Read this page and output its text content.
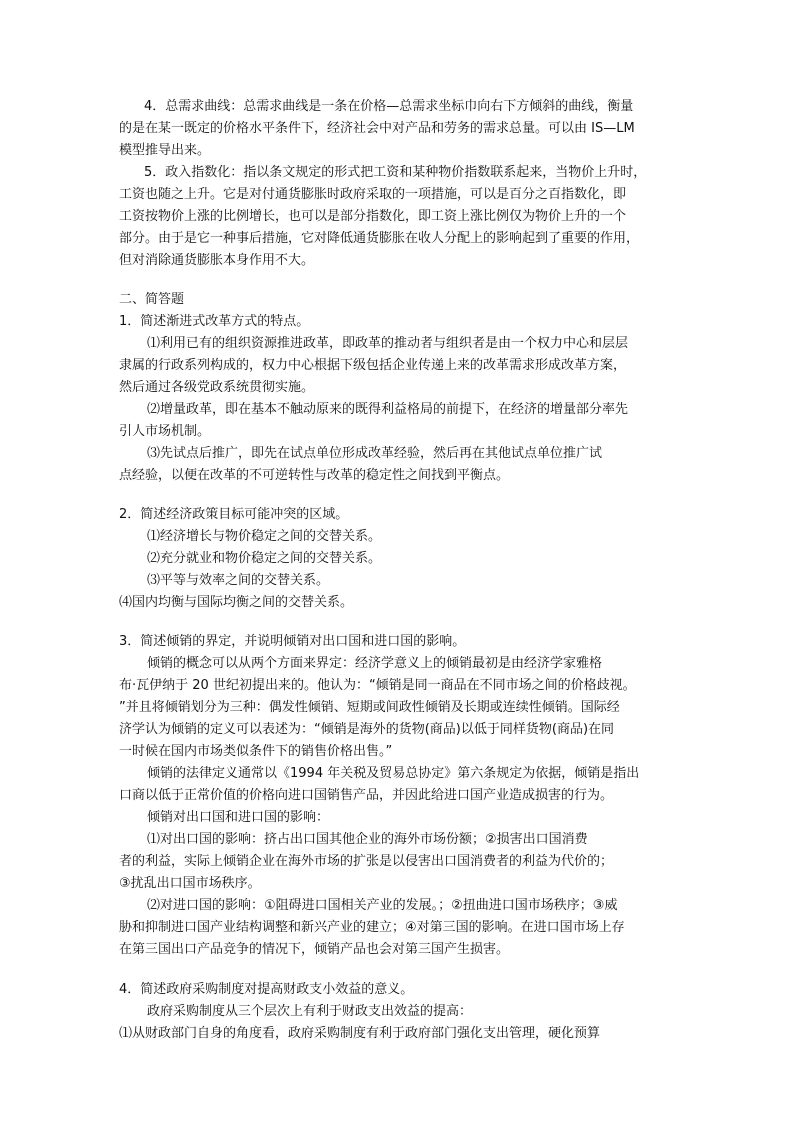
4．总需求曲线：总需求曲线是一条在价格—总需求坐标巾向右下方倾斜的曲线，衡量
的是在某一既定的价格水平条件下，经济社会中对产品和劳务的需求总量。可以由 IS—LM
模型推导出来。
5．政入指数化：指以条文规定的形式把工资和某种物价指数联系起来，当物价上升时，
工资也随之上升。它是对付通货膨胀时政府采取的一项措施，可以是百分之百指数化，即
工资按物价上涨的比例增长，也可以是部分指数化，即工资上涨比例仅为物价上升的一个
部分。由于是它一种事后措施，它对降低通货膨胀在收人分配上的影响起到了重要的作用，
但对消除通货膨胀本身作用不大。
二、简答题
1．简述渐进式改革方式的特点。
⑴利用已有的组织资源推进政革，即政革的推动者与组织者是由一个权力中心和层层
隶属的行政系列构成的，权力中心根据下级包括企业传递上来的改革需求形成改革方案，
然后通过各级党政系统贯彻实施。
⑵增量政革，即在基本不触动原来的既得利益格局的前提下，在经济的增量部分率先
引人市场机制。
⑶先试点后推广，即先在试点单位形成改革经验，然后再在其他试点单位推广试
点经验，以便在改革的不可逆转性与改革的稳定性之间找到平衡点。
2．简述经济政策目标可能冲突的区域。
⑴经济增长与物价稳定之间的交替关系。
⑵充分就业和物价稳定之间的交替关系。
⑶平等与效率之间的交替关系。
⑷国内均衡与国际均衡之间的交替关系。
3．简述倾销的界定，并说明倾销对出口国和进口国的影响。
倾销的概念可以从两个方面来界定：经济学意义上的倾销最初是由经济学家雅格
布·瓦伊纳于 20 世纪初提出来的。他认为：“倾销是同一商品在不同市场之间的价格歧视。
”并且将倾销划分为三种：偶发性倾销、短期或间政性倾销及长期或连续性倾销。国际经
济学认为倾销的定义可以表述为：“倾销是海外的货物(商品)以低于同样货物(商品)在同
一时候在国内市场类似条件下的销售价格出售。”
倾销的法律定义通常以《1994 年关税及贸易总协定》第六条规定为依据，倾销是指出
口商以低于正常价值的价格向进口国销售产品，并因此给进口国产业造成损害的行为。
倾销对出口国和进口国的影响：
⑴对出口国的影响：挤占出口国其他企业的海外市场份额；②损害出口国消费
者的利益，实际上倾销企业在海外市场的扩张是以侵害出口国消费者的利益为代价的；
③扰乱出口国市场秩序。
⑵对进口国的影响：①阻碍进口国相关产业的发展。；②扭曲进口国市场秩序；③威
胁和抑制进口国产业结构调整和新兴产业的建立；④对第三国的影响。在进口国市场上存
在第三国出口产品竞争的情况下，倾销产品也会对第三国产生损害。
4．简述政府采购制度对提高财政支小效益的意义。
政府采购制度从三个层次上有利于财政支出效益的提高：
⑴从财政部门自身的角度看，政府采购制度有利于政府部门强化支出管理，硬化预算
